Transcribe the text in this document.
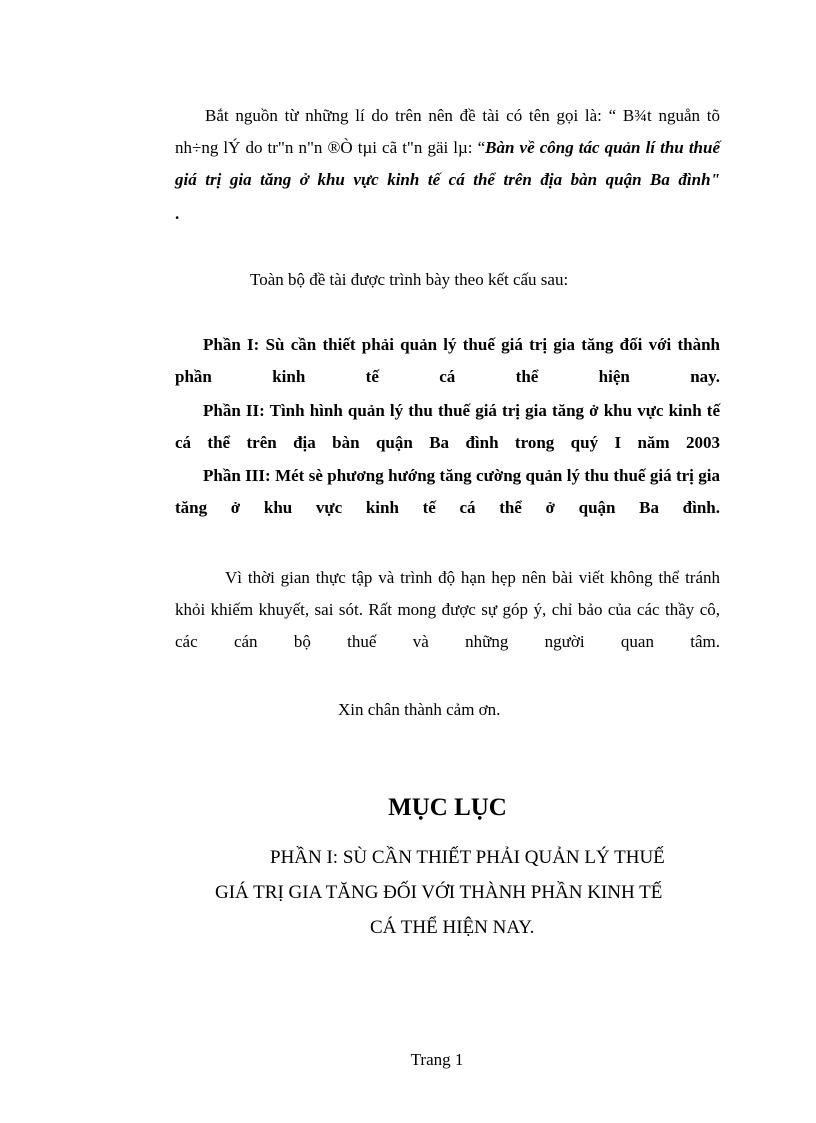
Bắt nguồn từ những lí do trên nên đề tài có tên gọi là: “ B¾t nguån tõ nh÷ng lÝ do tr"n n"n ®Ò tµi cã t"n gäi lµ: “Bàn về công tác quản lí thu thuế giá trị gia tăng ở khu vực kinh tế cá thể trên địa bàn quận Ba đình"

.

Toàn bộ đề tài được trình bày theo kết cấu sau:

Phần I: Sù cần thiết phải quản lý thuế giá trị gia tăng đối với thành phần kinh tế cá thể hiện nay.

Phần II: Tình hình quản lý thu thuế giá trị gia tăng ở khu vực kinh tế cá thể trên địa bàn quận Ba đình trong quý I năm 2003

Phần III: Mét sè phương hướng tăng cường quản lý thu thuế giá trị gia tăng ở khu vực kinh tế cá thể ở quận Ba đình.

Vì thời gian thực tập và trình độ hạn hẹp nên bài viết không thể tránh khỏi khiếm khuyết, sai sót. Rất mong được sự góp ý, chỉ bảo của các thầy cô, các cán bộ thuế và những người quan tâm.

Xin chân thành cảm ơn.

MỤC LỤC
PHẦN I: SÙ CẦN THIẾT PHẢI QUẢN LÝ THUẾ
GIÁ TRỊ GIA TĂNG ĐỐI VỚI THÀNH PHẦN KINH TẾ
CÁ THỂ HIỆN NAY.

Trang 1
